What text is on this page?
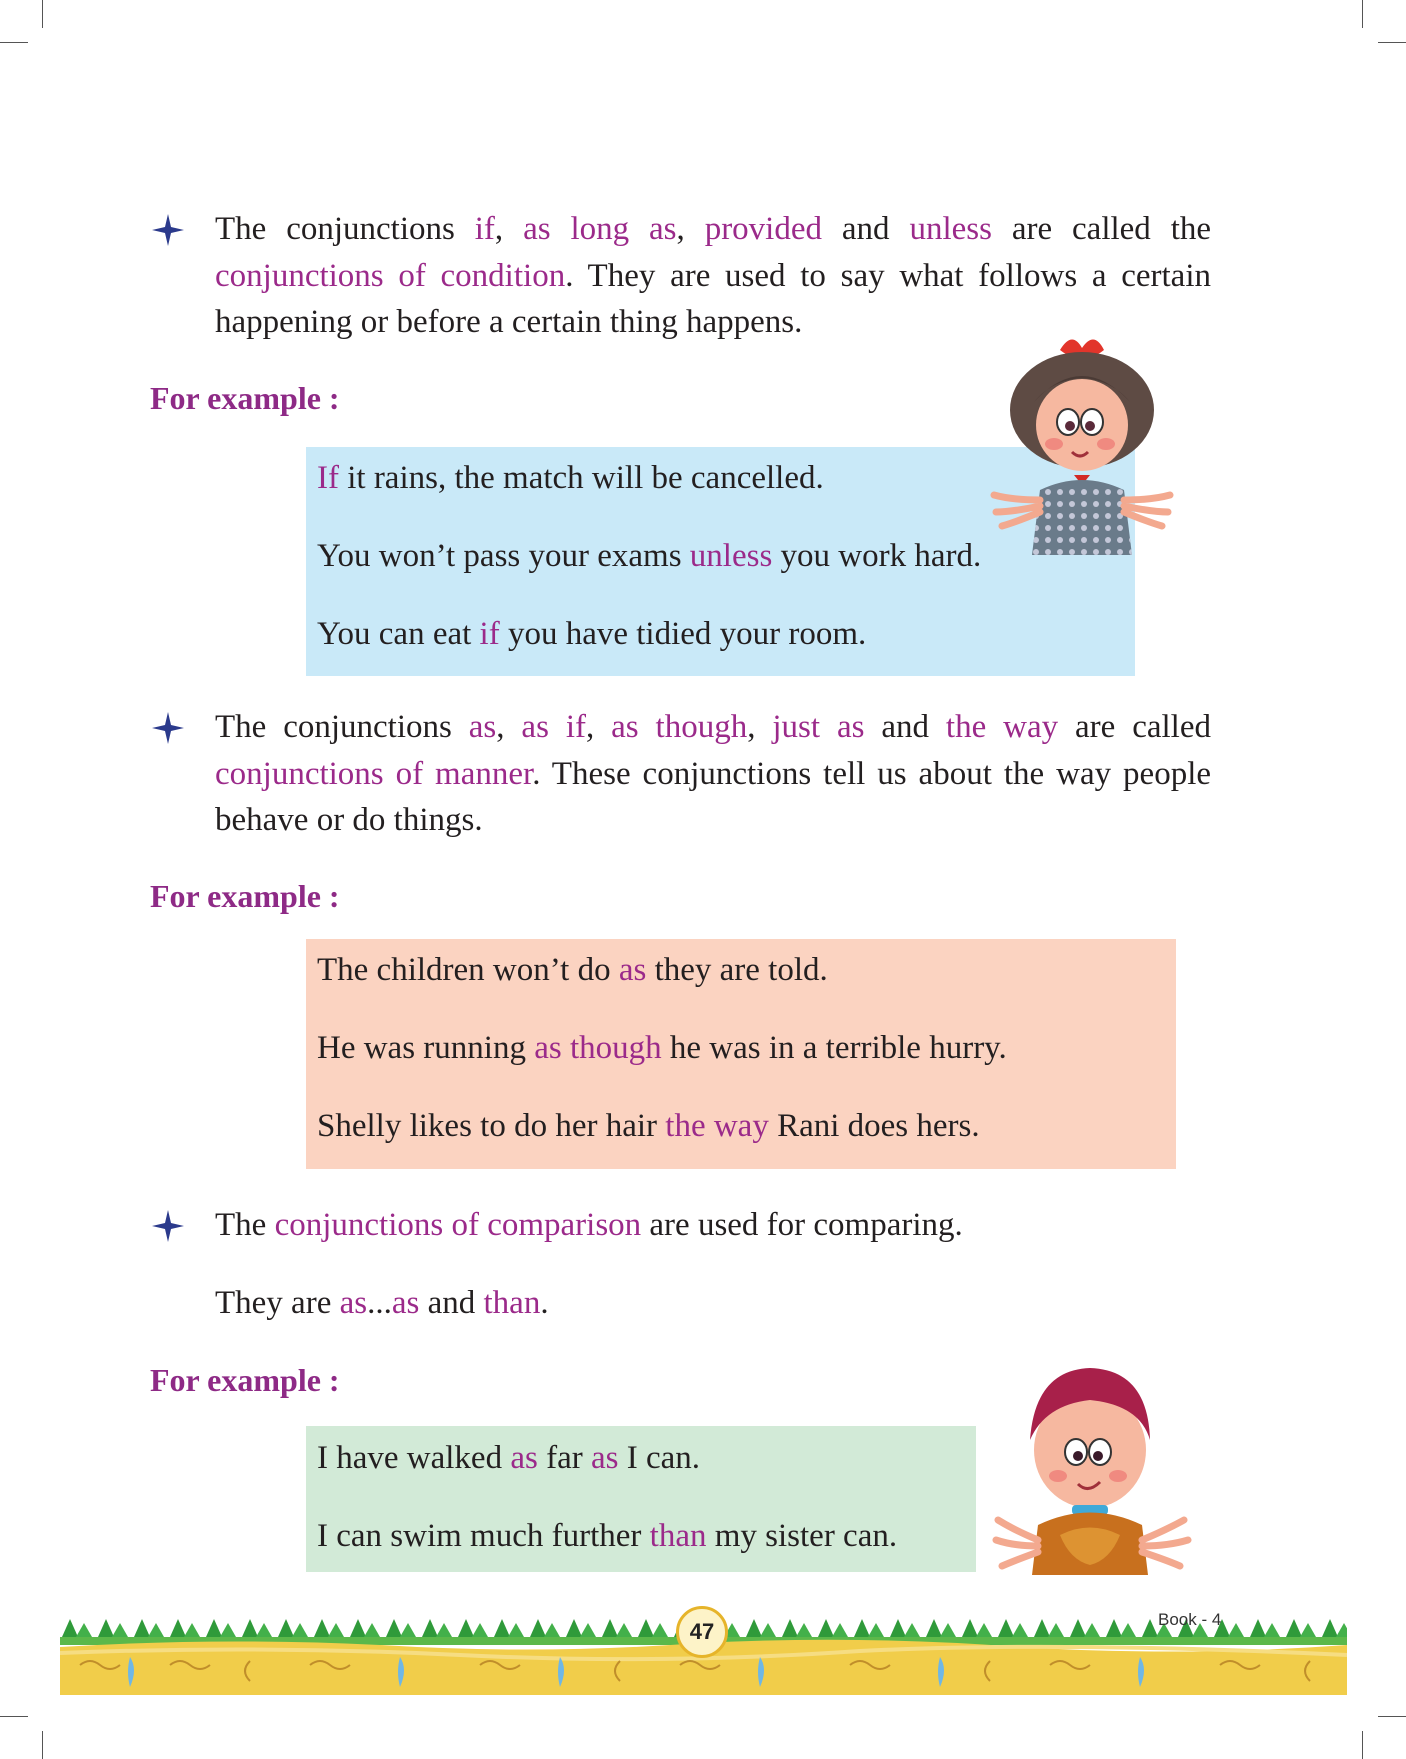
The conjunctions if, as long as, provided and unless are called the conjunctions of condition. They are used to say what follows a certain happening or before a certain thing happens.
For example :
If it rains, the match will be cancelled.
You won’t pass your exams unless you work hard.
You can eat if you have tidied your room.
The conjunctions as, as if, as though, just as and the way are called conjunctions of manner. These conjunctions tell us about the way people behave or do things.
For example :
The children won’t do as they are told.
He was running as though he was in a terrible hurry.
Shelly likes to do her hair the way Rani does hers.
The conjunctions of comparison are used for comparing.
They are as...as and than.
For example :
I have walked as far as I can.
I can swim much further than my sister can.
47	Book - 4
